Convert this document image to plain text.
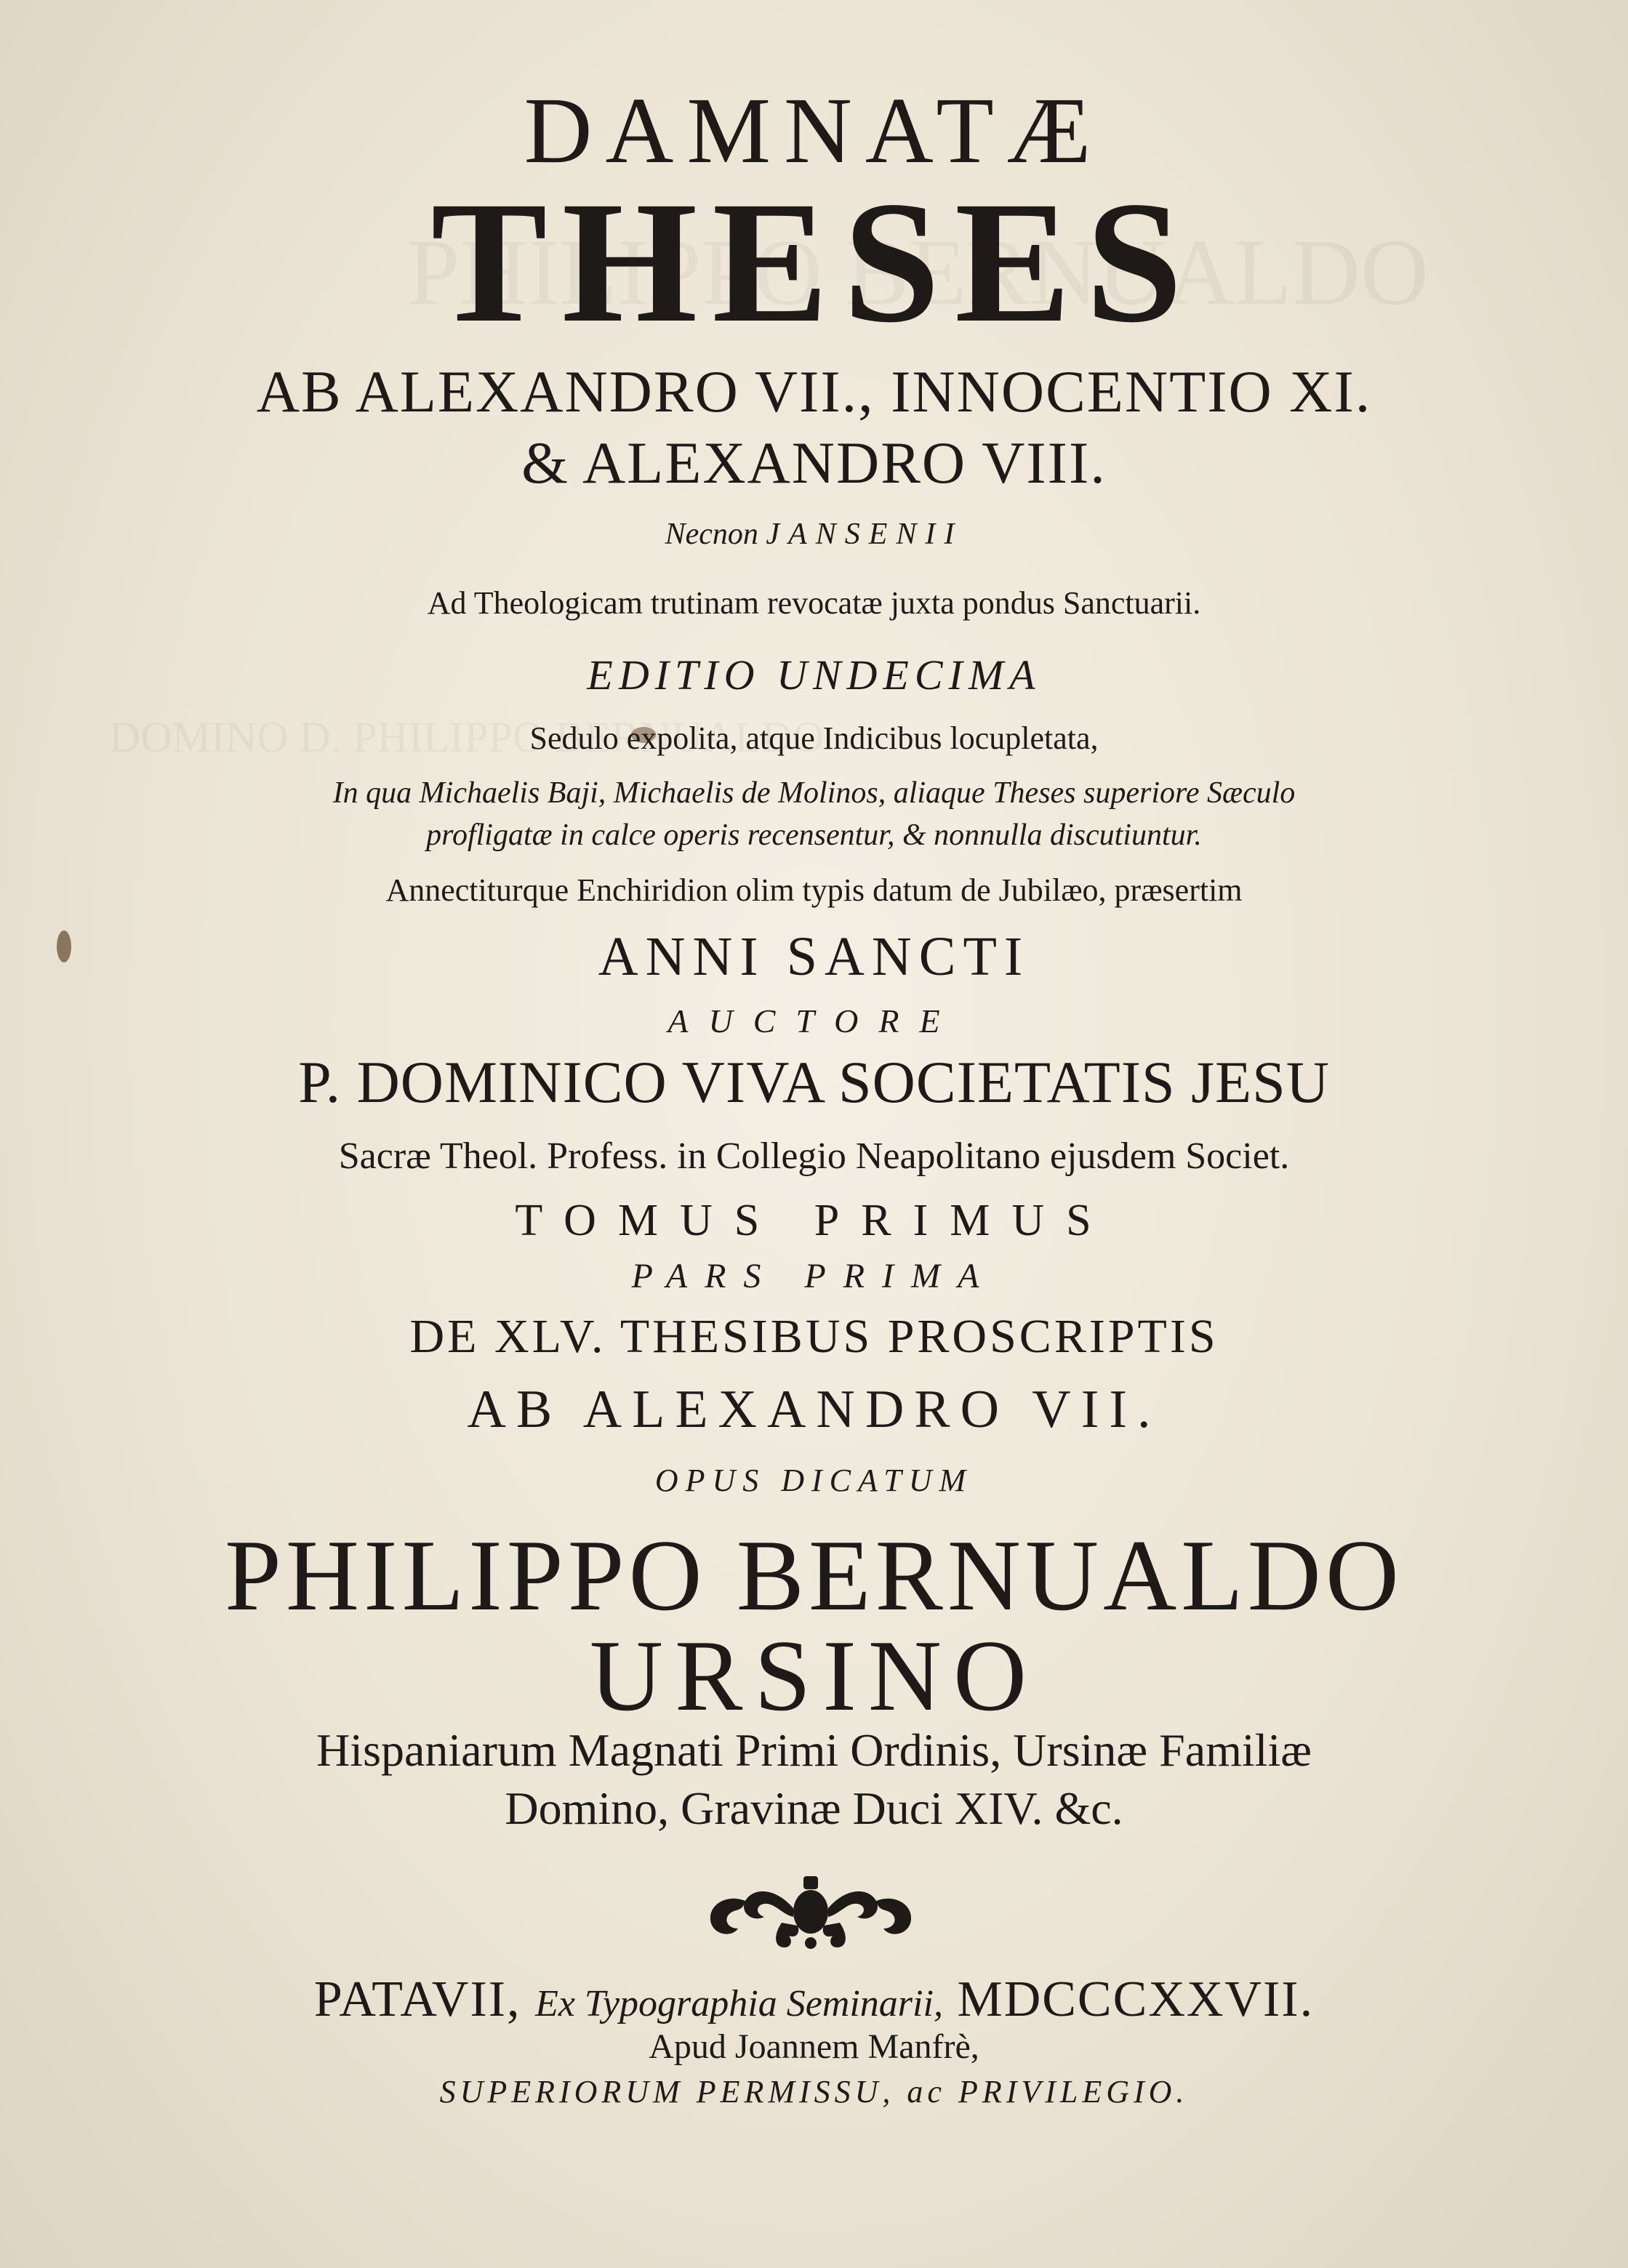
DAMNATÆ
THESES
AB ALEXANDRO VII., INNOCENTIO XI.
& ALEXANDRO VIII.
Necnon JANSENII
Ad Theologicam trutinam revocatæ juxta pondus Sanctuarii.
EDITIO UNDECIMA
Sedulo expolita, atque Indicibus locupletata,
In qua Michaelis Baji, Michaelis de Molinos, aliaque Theses superiore Sæculo
profligatæ in calce operis recensentur, & nonnulla discutiuntur.
Annectiturque Enchiridion olim typis datum de Jubilæo, præsertim
ANNI SANCTI
AUCTORE
P. DOMINICO VIVA SOCIETATIS JESU
Sacræ Theol. Profess. in Collegio Neapolitano ejusdem Societ.
TOMUS PRIMUS
PARS PRIMA
DE XLV. THESIBUS PROSCRIPTIS
AB ALEXANDRO VII.
OPUS DICATUM
PHILIPPO BERNUALDO
URSINO
Hispaniarum Magnati Primi Ordinis, Ursinæ Familiæ
Domino, Gravinæ Duci XIV. &c.
PATAVII, Ex Typographia Seminarii, MDCCCXXVII.
Apud Joannem Manfrè,
SUPERIORUM PERMISSU, ac PRIVILEGIO.
